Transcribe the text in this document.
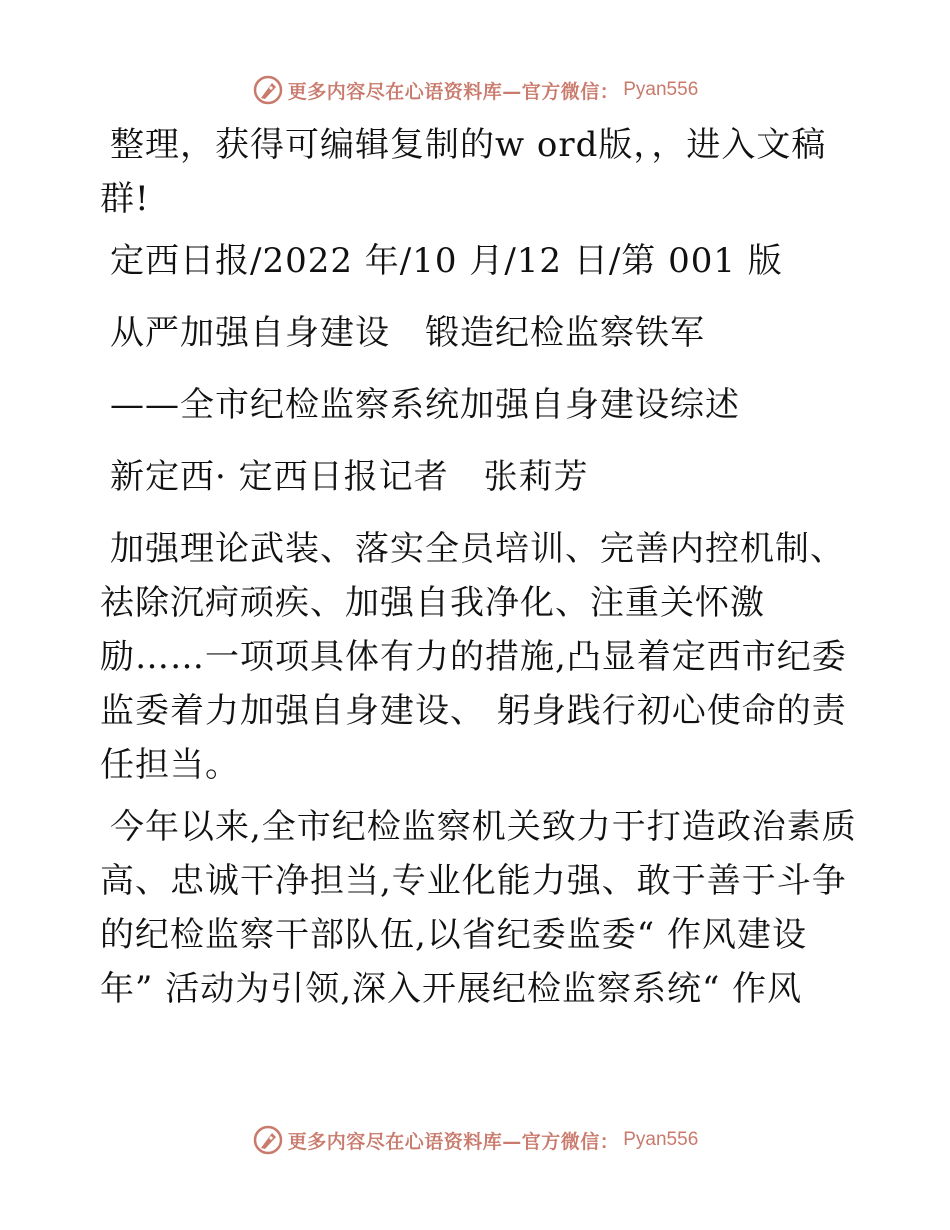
更多内容尽在心语资料库—官方微信： Pyan556

整理，获得可编辑复制的w ord版，，进入文稿群!

定西日报/2022 年/10 月/12 日/第 001 版

从严加强自身建设　锻造纪检监察铁军

——全市纪检监察系统加强自身建设综述

新定西· 定西日报记者　张莉芳

加强理论武装、落实全员培训、完善内控机制、祛除沉疴顽疾、加强自我净化、注重关怀激励……一项项具体有力的措施,凸显着定西市纪委监委着力加强自身建设、 躬身践行初心使命的责任担当。

今年以来,全市纪检监察机关致力于打造政治素质高、忠诚干净担当,专业化能力强、敢于善于斗争的纪检监察干部队伍,以省纪委监委“ 作风建设年” 活动为引领,深入开展纪检监察系统“ 作风

更多内容尽在心语资料库—官方微信： Pyan556
